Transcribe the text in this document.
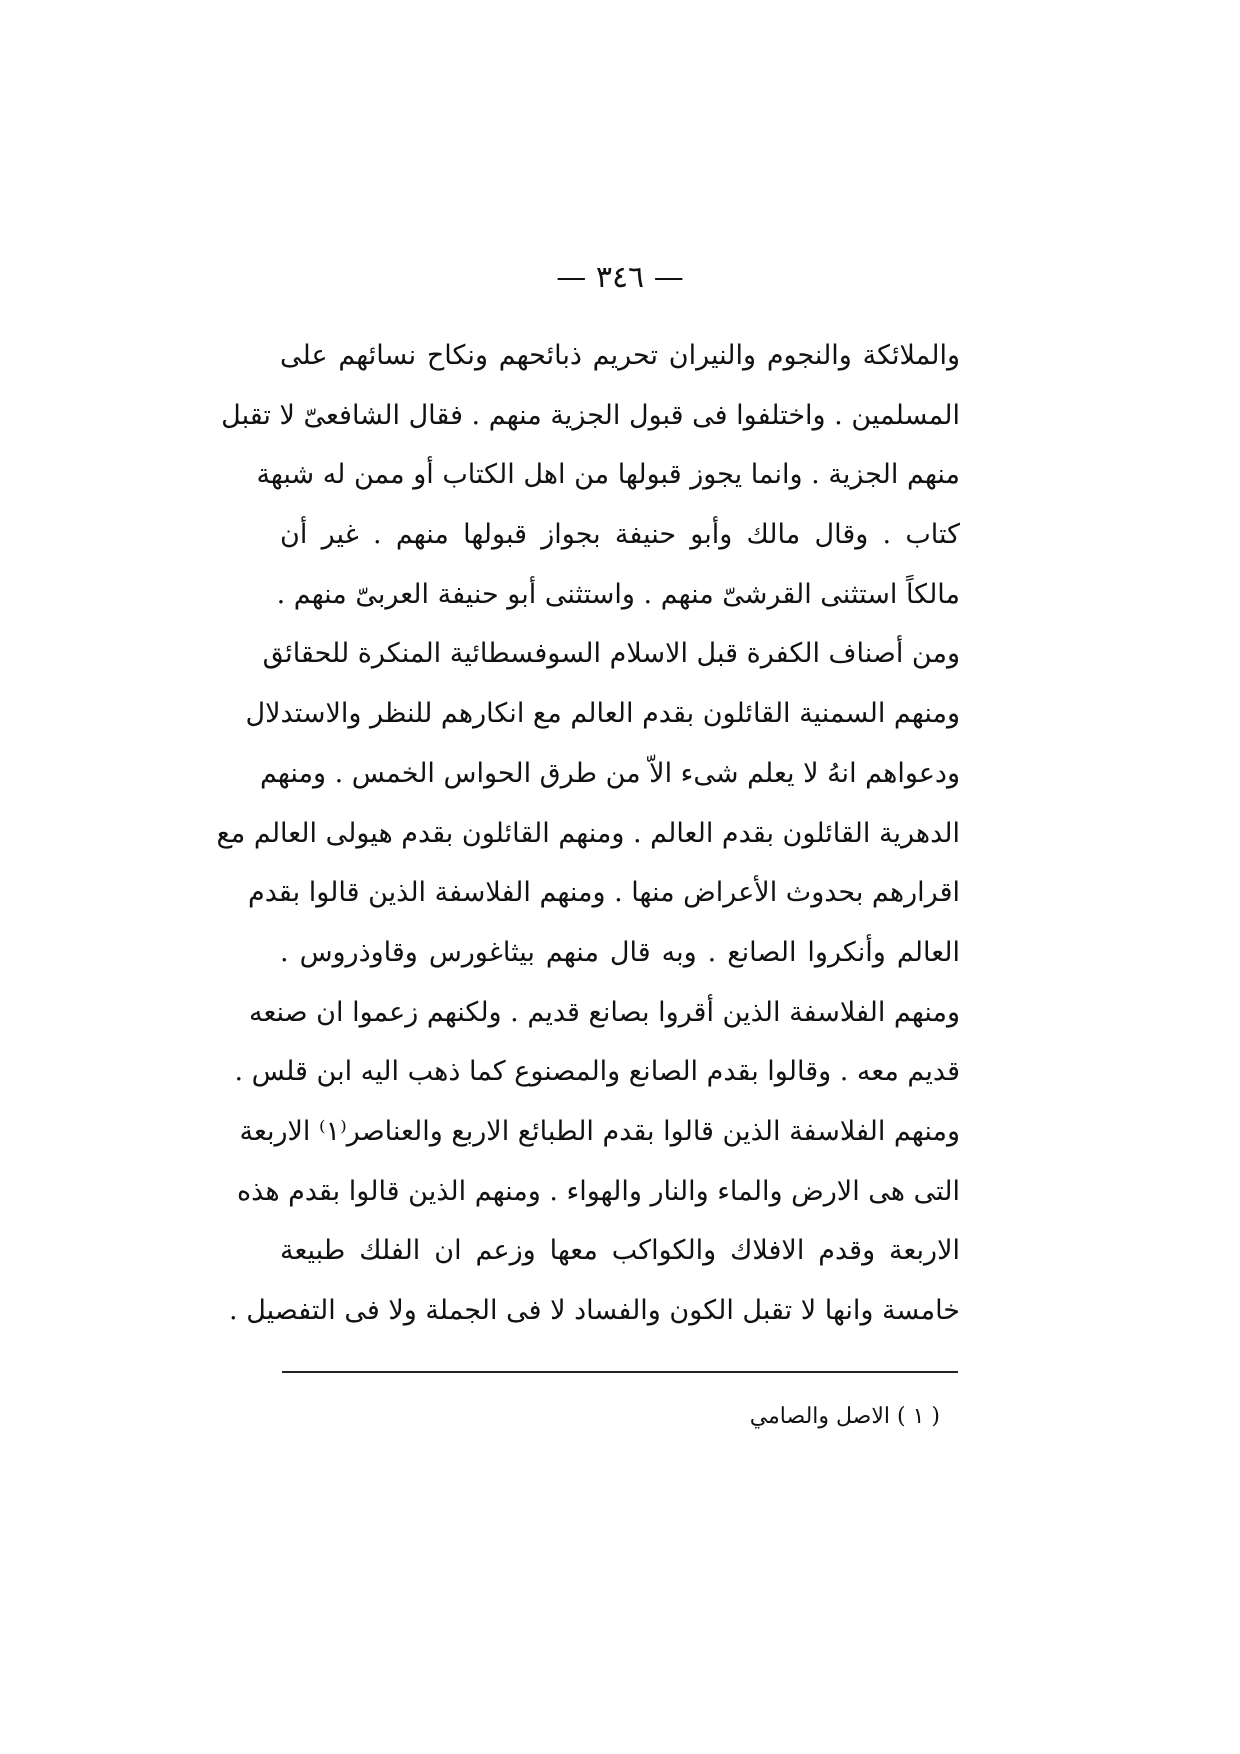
— ٣٤٦ —
والملائكة والنجوم والنيران تحريم ذبائحهم ونكاح نسائهم على
المسلمين . واختلفوا فى قبول الجزية منهم . فقال الشافعىّ لا تقبل
منهم الجزية . وانما يجوز قبولها من اهل الكتاب أو ممن له شبهة
كتاب . وقال مالك وأبو حنيفة بجواز قبولها منهم . غير أن
مالكاً استثنى القرشىّ منهم . واستثنى أبو حنيفة العربىّ منهم .
ومن أصناف الكفرة قبل الاسلام السوفسطائية المنكرة للحقائق
ومنهم السمنية القائلون بقدم العالم مع انكارهم للنظر والاستدلال
ودعواهم انهُ لا يعلم شىء الاّ من طرق الحواس الخمس . ومنهم
الدهرية القائلون بقدم العالم . ومنهم القائلون بقدم هيولى العالم مع
اقرارهم بحدوث الأعراض منها . ومنهم الفلاسفة الذين قالوا بقدم
العالم وأنكروا الصانع . وبه قال منهم بيثاغورس وقاوذروس .
ومنهم الفلاسفة الذين أقروا بصانع قديم . ولكنهم زعموا ان صنعه
قديم معه . وقالوا بقدم الصانع والمصنوع كما ذهب اليه ابن قلس .
ومنهم الفلاسفة الذين قالوا بقدم الطبائع الاربع والعناصر⁽١⁾ الاربعة
التى هى الارض والماء والنار والهواء . ومنهم الذين قالوا بقدم هذه
الاربعة وقدم الافلاك والكواكب معها وزعم ان الفلك طبيعة
خامسة وانها لا تقبل الكون والفساد لا فى الجملة ولا فى التفصيل .
( ١ ) الاصل والصامي
